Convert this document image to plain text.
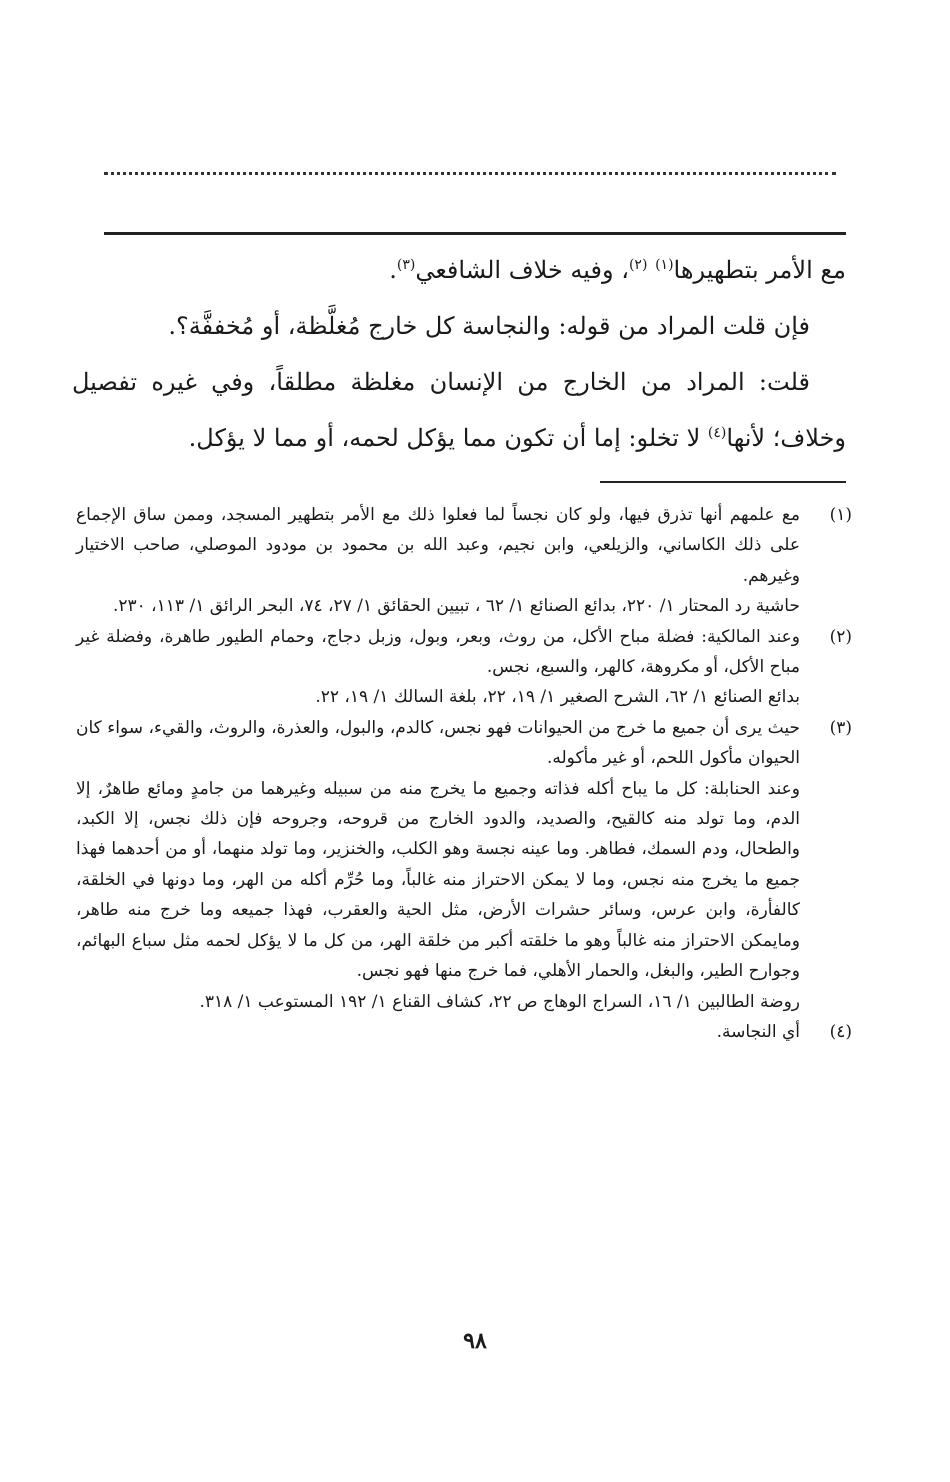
مع الأمر بتطهيرها$^{(١)}$ $^{(٢)}$، وفيه خلاف الشافعي$^{(٣)}$.

فإن قلت المراد من قوله: والنجاسة كل خارج مُغلَّظة، أو مُخففَّة؟.

قلت: المراد من الخارج من الإنسان مغلظة مطلقاً، وفي غيره تفصيل وخلاف؛ لأنها$^{(٤)}$ لا تخلو: إما أن تكون مما يؤكل لحمه، أو مما لا يؤكل.

(١)

مع علمهم أنها تذرق فيها، ولو كان نجساً لما فعلوا ذلك مع الأمر بتطهير المسجد، وممن ساق الإجماع على ذلك الكاساني، والزيلعي، وابن نجيم، وعبد الله بن محمود بن مودود الموصلي، صاحب الاختيار وغيرهم.

حاشية رد المحتار ١/ ٢٢٠، بدائع الصنائع ١/ ٦٢ ، تبيين الحقائق ١/ ٢٧، ٧٤، البحر الرائق ١/ ١١٣، ٢٣٠.

(٢)

وعند المالكية: فضلة مباح الأكل، من روث، وبعر، وبول، وزبل دجاج، وحمام الطيور طاهرة، وفضلة غير مباح الأكل، أو مكروهة، كالهر، والسبع، نجس.

بدائع الصنائع ١/ ٦٢، الشرح الصغير ١/ ١٩، ٢٢، بلغة السالك ١/ ١٩، ٢٢.

(٣)

حيث يرى أن جميع ما خرج من الحيوانات فهو نجس، كالدم، والبول، والعذرة، والروث، والقيء، سواء كان الحيوان مأكول اللحم، أو غير مأكوله.

وعند الحنابلة: كل ما يباح أكله فذاته وجميع ما يخرج منه من سبيله وغيرهما من جامدٍ ومائع طاهرٌ، إلا الدم، وما تولد منه كالقيح، والصديد، والدود الخارج من قروحه، وجروحه فإن ذلك نجس، إلا الكبد، والطحال، ودم السمك، فطاهر. وما عينه نجسة وهو الكلب، والخنزير، وما تولد منهما، أو من أحدهما فهذا جميع ما يخرج منه نجس، وما لا يمكن الاحتراز منه غالباً، وما حُرِّم أكله من الهر، وما دونها في الخلقة، كالفأرة، وابن عرس، وسائر حشرات الأرض، مثل الحية والعقرب، فهذا جميعه وما خرج منه طاهر، ومايمكن الاحتراز منه غالباً وهو ما خلقته أكبر من خلقة الهر، من كل ما لا يؤكل لحمه مثل سباع البهائم، وجوارح الطير، والبغل، والحمار الأهلي، فما خرج منها فهو نجس.

روضة الطالبين ١/ ١٦، السراج الوهاج ص ٢٢، كشاف القناع ١/ ١٩٢ المستوعب ١/ ٣١٨.

(٤)

أي النجاسة.

٩٨
